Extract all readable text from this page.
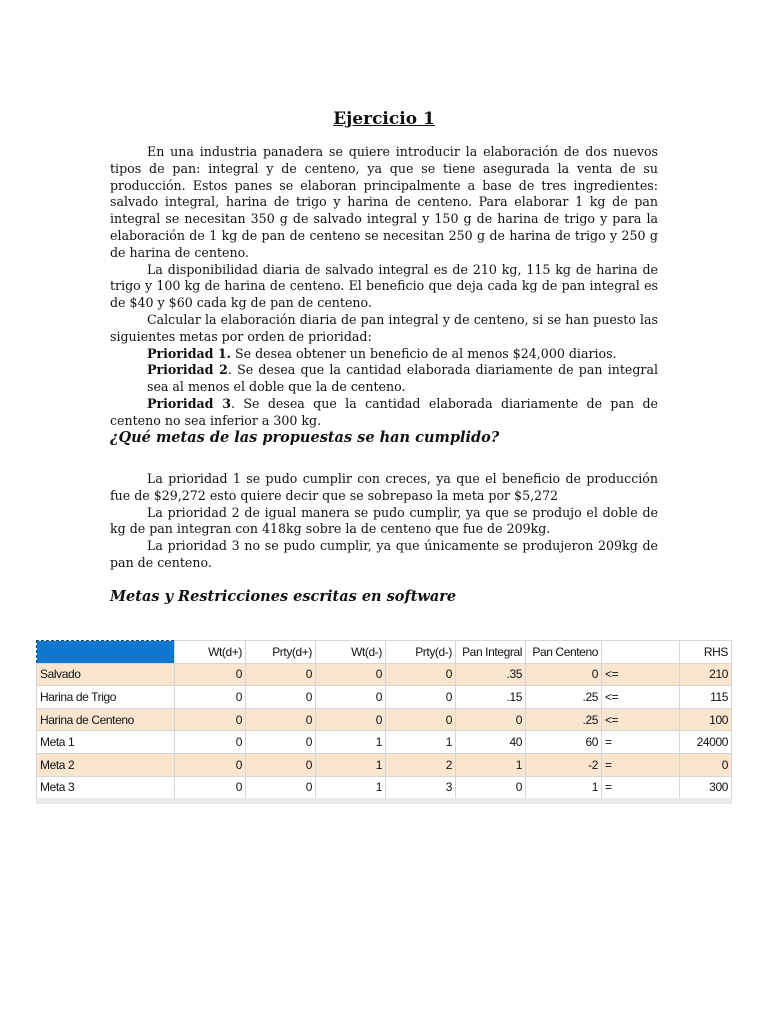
Ejercicio 1

En una industria panadera se quiere introducir la elaboración de dos nuevos tipos de pan: integral y de centeno, ya que se tiene asegurada la venta de su producción. Estos panes se elaboran principalmente a base de tres ingredientes: salvado integral, harina de trigo y harina de centeno. Para elaborar 1 kg de pan integral se necesitan 350 g de salvado integral y 150 g de harina de trigo y para la elaboración de 1 kg de pan de centeno se necesitan 250 g de harina de trigo y 250 g de harina de centeno.

La disponibilidad diaria de salvado integral es de 210 kg, 115 kg de harina de trigo y 100 kg de harina de centeno. El beneficio que deja cada kg de pan integral es de $40 y $60 cada kg de pan de centeno.

Calcular la elaboración diaria de pan integral y de centeno, si se han puesto las siguientes metas por orden de prioridad:

Prioridad 1. Se desea obtener un beneficio de al menos $24,000 diarios.

Prioridad 2. Se desea que la cantidad elaborada diariamente de pan integral sea al menos el doble que la de centeno.

Prioridad 3. Se desea que la cantidad elaborada diariamente de pan de centeno no sea inferior a 300 kg.

¿Qué metas de las propuestas se han cumplido?

La prioridad 1 se pudo cumplir con creces, ya que el beneficio de producción fue de $29,272 esto quiere decir que se sobrepaso la meta por $5,272

La prioridad 2 de igual manera se pudo cumplir, ya que se produjo el doble de kg de pan integran con 418kg sobre la de centeno que fue de 209kg.

La prioridad 3 no se pudo cumplir, ya que únicamente se produjeron 209kg de pan de centeno.

Metas y Restricciones escritas en software
	Wt(d+)	Prty(d+)	Wt(d-)	Prty(d-)	Pan Integral	Pan Centeno		RHS
Salvado	0	0	0	0	.35	0	<=	210
Harina de Trigo	0	0	0	0	.15	.25	<=	115
Harina de Centeno	0	0	0	0	0	.25	<=	100
Meta 1	0	0	1	1	40	60	=	24000
Meta 2	0	0	1	2	1	-2	=	0
Meta 3	0	0	1	3	0	1	=	300
